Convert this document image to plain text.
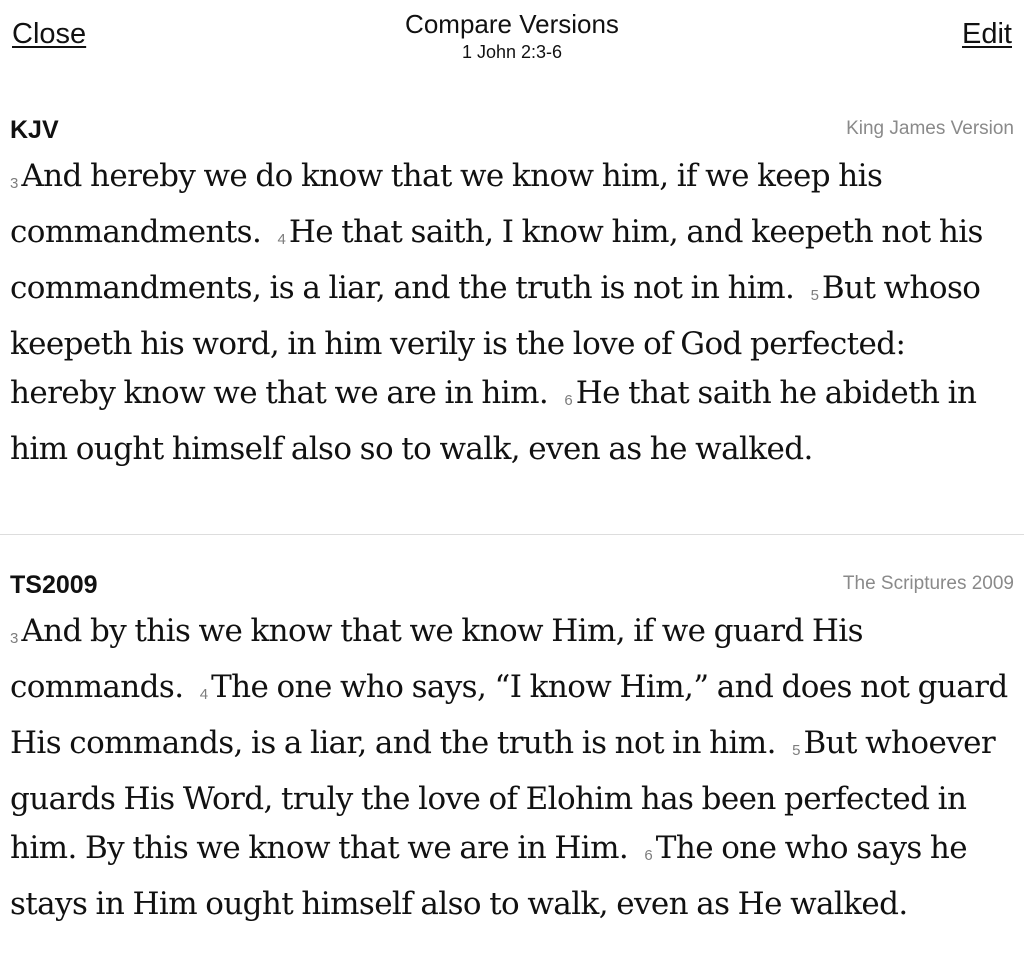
Close	Compare Versions
1 John 2:3-6
Edit
KJV	King James Version

3And hereby we do know that we know him, if we keep his commandments. 4He that saith, I know him, and keepeth not his commandments, is a liar, and the truth is not in him. 5But whoso keepeth his word, in him verily is the love of God perfected: hereby know we that we are in him. 6He that saith he abideth in him ought himself also so to walk, even as he walked.

TS2009	The Scriptures 2009

3And by this we know that we know Him, if we guard His commands. 4The one who says, “I know Him,” and does not guard His commands, is a liar, and the truth is not in him. 5But whoever guards His Word, truly the love of Elohim has been perfected in him. By this we know that we are in Him. 6The one who says he stays in Him ought himself also to walk, even as He walked.
